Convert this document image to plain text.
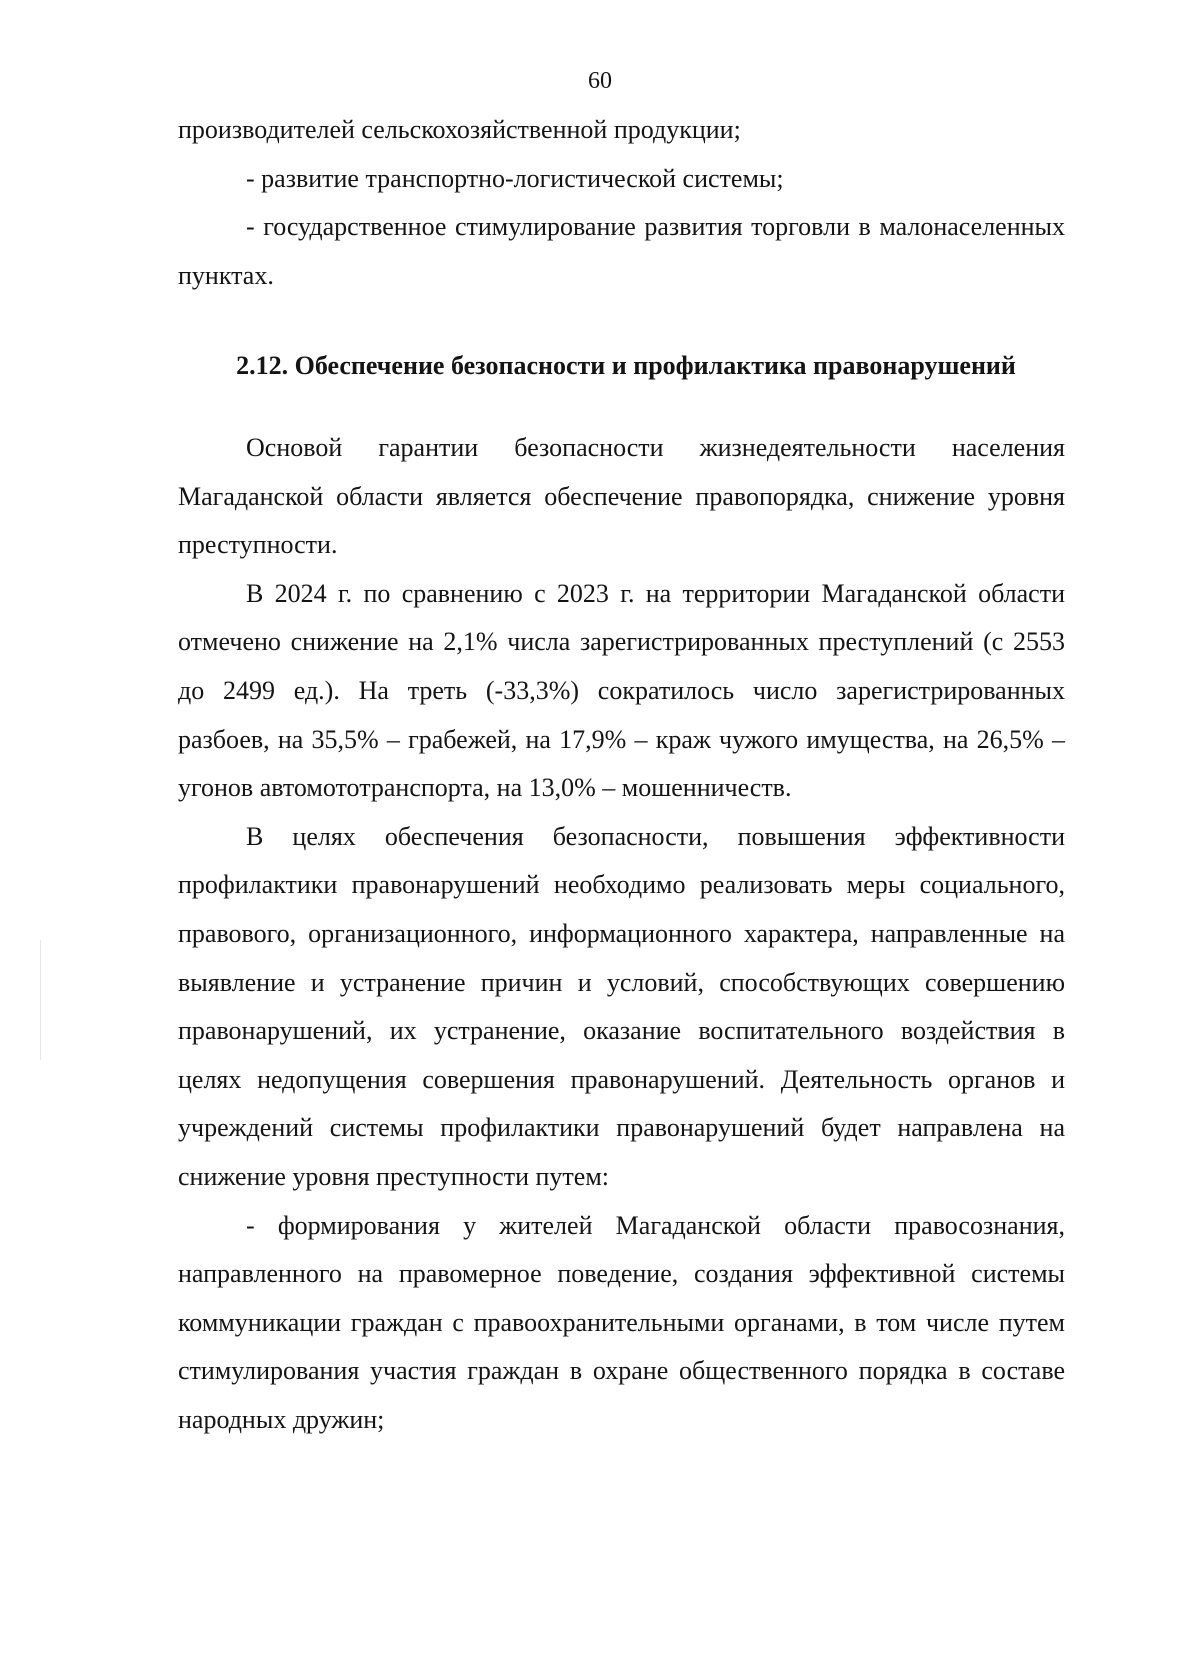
60

производителей сельскохозяйственной продукции;

- развитие транспортно-логистической системы;

- государственное стимулирование развития торговли в малонаселенных пунктах.

2.12. Обеспечение безопасности и профилактика правонарушений

Основой гарантии безопасности жизнедеятельности населения Магаданской области является обеспечение правопорядка, снижение уровня преступности.

В 2024 г. по сравнению с 2023 г. на территории Магаданской области отмечено снижение на 2,1% числа зарегистрированных преступлений (с 2553 до 2499 ед.). На треть (-33,3%) сократилось число зарегистрированных разбоев, на 35,5% – грабежей, на 17,9% – краж чужого имущества, на 26,5% – угонов автомототранспорта, на 13,0% – мошенничеств.

В целях обеспечения безопасности, повышения эффективности профилактики правонарушений необходимо реализовать меры социального, правового, организационного, информационного характера, направленные на выявление и устранение причин и условий, способствующих совершению правонарушений, их устранение, оказание воспитательного воздействия в целях недопущения совершения правонарушений. Деятельность органов и учреждений системы профилактики правонарушений будет направлена на снижение уровня преступности путем:

- формирования у жителей Магаданской области правосознания, направленного на правомерное поведение, создания эффективной системы коммуникации граждан с правоохранительными органами, в том числе путем стимулирования участия граждан в охране общественного порядка в составе народных дружин;
